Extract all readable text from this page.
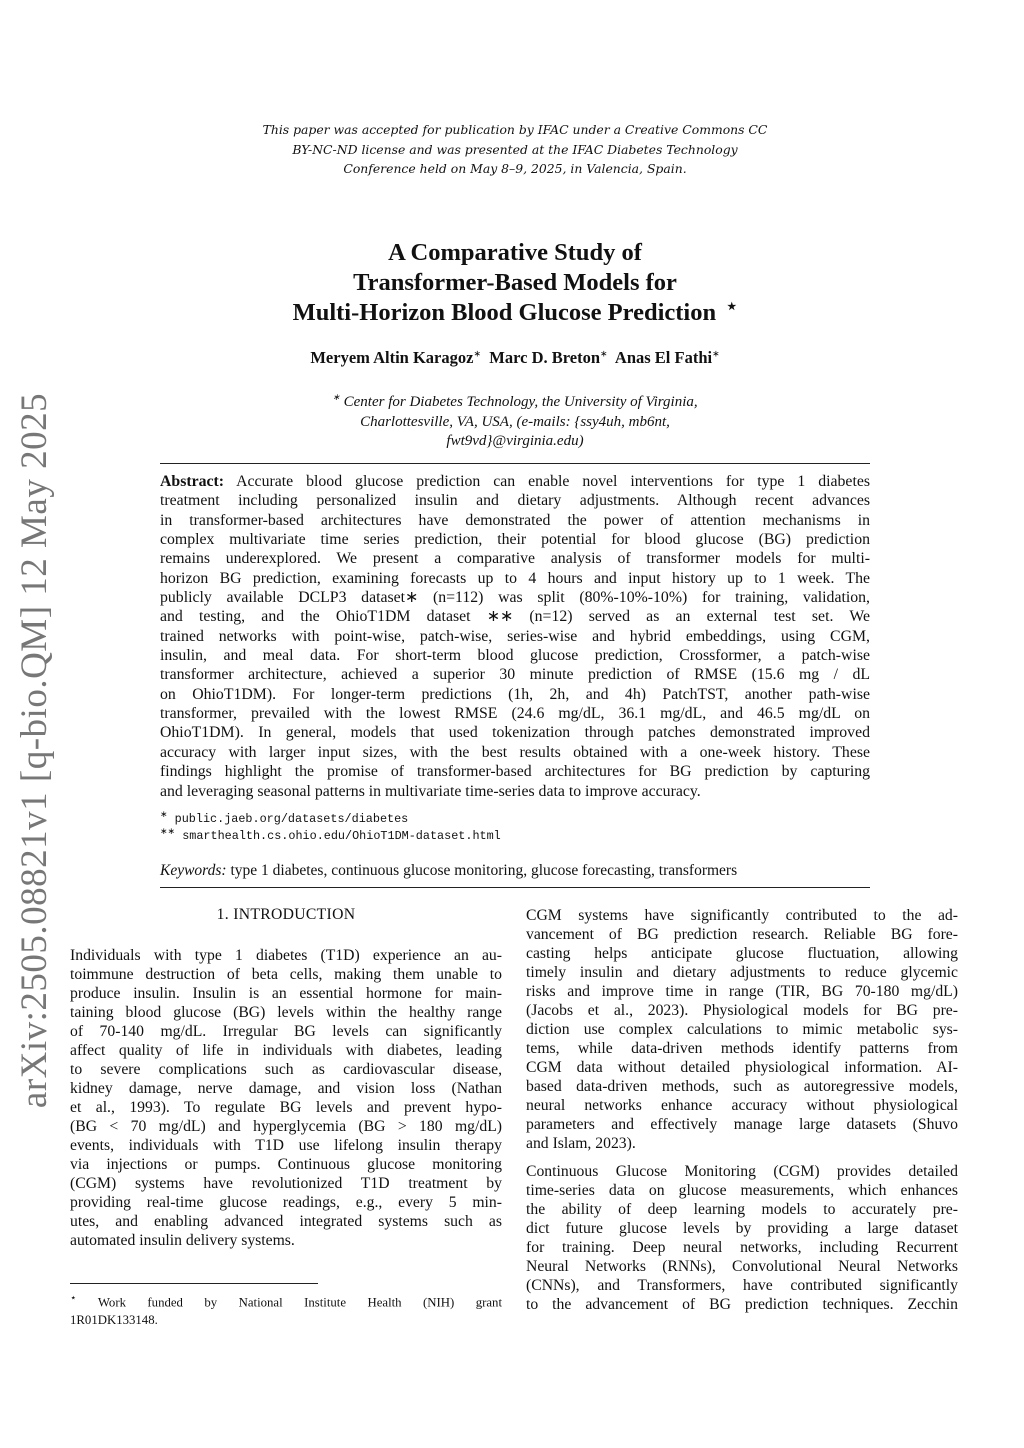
arXiv:2505.08821v1 [q-bio.QM] 12 May 2025
This paper was accepted for publication by IFAC under a Creative Commons CC
BY-NC-ND license and was presented at the IFAC Diabetes Technology
Conference held on May 8–9, 2025, in Valencia, Spain.
A Comparative Study of
Transformer-Based Models for
Multi-Horizon Blood Glucose Prediction ⋆
Meryem Altin Karagoz∗ Marc D. Breton∗ Anas El Fathi∗
∗ Center for Diabetes Technology, the University of Virginia,
Charlottesville, VA, USA, (e-mails: {ssy4uh, mb6nt,
fwt9vd}@virginia.edu)
Abstract: Accurate blood glucose prediction can enable novel interventions for type 1 diabetes
treatment including personalized insulin and dietary adjustments. Although recent advances
in transformer-based architectures have demonstrated the power of attention mechanisms in
complex multivariate time series prediction, their potential for blood glucose (BG) prediction
remains underexplored. We present a comparative analysis of transformer models for multi-
horizon BG prediction, examining forecasts up to 4 hours and input history up to 1 week. The
publicly available DCLP3 dataset∗ (n=112) was split (80%-10%-10%) for training, validation,
and testing, and the OhioT1DM dataset ∗∗ (n=12) served as an external test set. We
trained networks with point-wise, patch-wise, series-wise and hybrid embeddings, using CGM,
insulin, and meal data. For short-term blood glucose prediction, Crossformer, a patch-wise
transformer architecture, achieved a superior 30 minute prediction of RMSE (15.6 mg / dL
on OhioT1DM). For longer-term predictions (1h, 2h, and 4h) PatchTST, another path-wise
transformer, prevailed with the lowest RMSE (24.6 mg/dL, 36.1 mg/dL, and 46.5 mg/dL on
OhioT1DM). In general, models that used tokenization through patches demonstrated improved
accuracy with larger input sizes, with the best results obtained with a one-week history. These
findings highlight the promise of transformer-based architectures for BG prediction by capturing
and leveraging seasonal patterns in multivariate time-series data to improve accuracy.
∗ public.jaeb.org/datasets/diabetes
∗∗ smarthealth.cs.ohio.edu/OhioT1DM-dataset.html
Keywords: type 1 diabetes, continuous glucose monitoring, glucose forecasting, transformers
1. INTRODUCTION
Individuals with type 1 diabetes (T1D) experience an au-
toimmune destruction of beta cells, making them unable to
produce insulin. Insulin is an essential hormone for main-
taining blood glucose (BG) levels within the healthy range
of 70-140 mg/dL. Irregular BG levels can significantly
affect quality of life in individuals with diabetes, leading
to severe complications such as cardiovascular disease,
kidney damage, nerve damage, and vision loss (Nathan
et al., 1993). To regulate BG levels and prevent hypo-
(BG < 70 mg/dL) and hyperglycemia (BG > 180 mg/dL)
events, individuals with T1D use lifelong insulin therapy
via injections or pumps. Continuous glucose monitoring
(CGM) systems have revolutionized T1D treatment by
providing real-time glucose readings, e.g., every 5 min-
utes, and enabling advanced integrated systems such as
automated insulin delivery systems.
⋆ Work funded by National Institute Health (NIH) grant
1R01DK133148.
CGM systems have significantly contributed to the ad-
vancement of BG prediction research. Reliable BG fore-
casting helps anticipate glucose fluctuation, allowing
timely insulin and dietary adjustments to reduce glycemic
risks and improve time in range (TIR, BG 70-180 mg/dL)
(Jacobs et al., 2023). Physiological models for BG pre-
diction use complex calculations to mimic metabolic sys-
tems, while data-driven methods identify patterns from
CGM data without detailed physiological information. AI-
based data-driven methods, such as autoregressive models,
neural networks enhance accuracy without physiological
parameters and effectively manage large datasets (Shuvo
and Islam, 2023).
Continuous Glucose Monitoring (CGM) provides detailed
time-series data on glucose measurements, which enhances
the ability of deep learning models to accurately pre-
dict future glucose levels by providing a large dataset
for training. Deep neural networks, including Recurrent
Neural Networks (RNNs), Convolutional Neural Networks
(CNNs), and Transformers, have contributed significantly
to the advancement of BG prediction techniques. Zecchin
